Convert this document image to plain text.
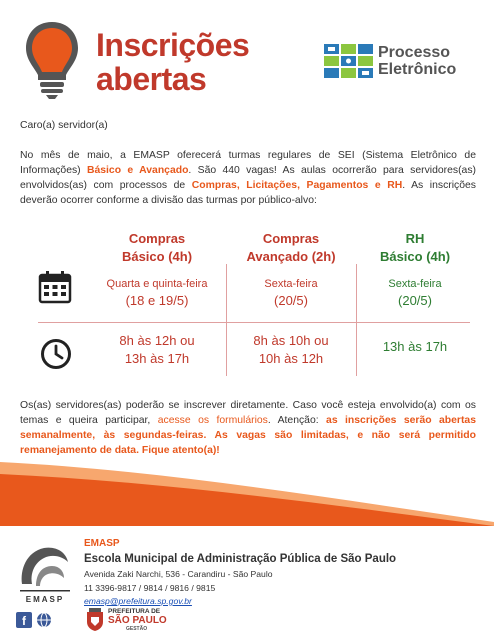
Inscrições
abertas
Processo
Eletrônico
Caro(a) servidor(a)
No mês de maio, a EMASP oferecerá turmas regulares de SEI (Sistema Eletrônico de Informações) Básico e Avançado. São 440 vagas! As aulas ocorrerão para servidores(as) envolvidos(as) com processos de Compras, Licitações, Pagamentos e RH. As inscrições deverão ocorrer conforme a divisão das turmas por público-alvo:
Compras
Básico (4h)
Compras
Avançado (2h)
RH
Básico (4h)
Quarta e quinta-feira
(18 e 19/5)
Sexta-feira
(20/5)
Sexta-feira
(20/5)
8h às 12h ou
13h às 17h
8h às 10h ou
10h às 12h
13h às 17h
Os(as) servidores(as) poderão se inscrever diretamente. Caso você esteja envolvido(a) com os temas e queira participar, acesse os formulários. Atenção: as inscrições serão abertas semanalmente, às segundas-feiras. As vagas são limitadas, e não será permitido remanejamento de data. Fique atento(a)!
EMASP
EMASP
Escola Municipal de Administração Pública de São Paulo
Avenida Zaki Narchi, 536 - Carandiru - São Paulo
11 3396-9817 / 9814 / 9816 / 9815
emasp@prefeitura.sp.gov.br
f
PREFEITURA DE
SÃO PAULO
GESTÃO
